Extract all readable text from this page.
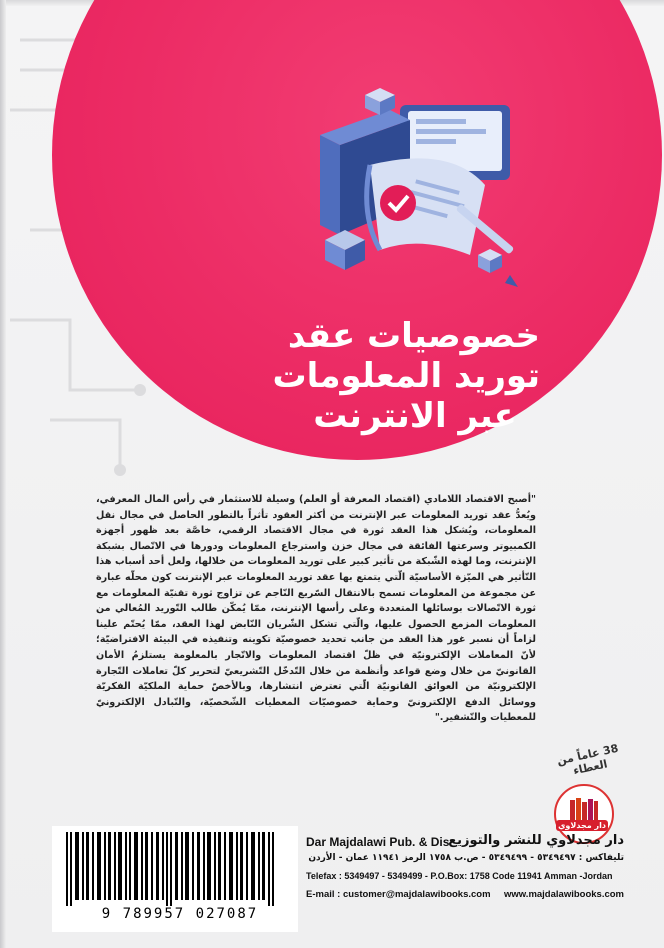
خصوصيات عقد
توريد المعلومات
عبر الانترنت
"أصبح الاقتصاد اللامادي (اقتصاد المعرفة أو العلم) وسيلة للاستثمار في رأس المال المعرفي، ويُعدُّ عقد توريد المعلومات عبر الإنترنت من أكثر العقود تأثراً بالتطور الحاصل في مجال نقل المعلومات، ويُشكل هذا العقد ثورة في مجال الاقتصاد الرقمي، خاصَّة بعد ظهور أجهزة الكمبيوتر وسرعتها الفائقة في مجال خزن واسترجاع المعلومات ودورها في الاتّصال بشبكة الإنترنت، وما لهذه الشّبكة من تأثير كبير على توريد المعلومات من خلالها، ولعل أحد أسباب هذا التّأثير هي الميّزة الأساسيّة الّتي يتمتع بها عقد توريد المعلومات عبر الإنترنت كون محلّه عبارة عن مجموعة من المعلومات تسمح بالانتقال السّريع النّاجم عن تزاوج ثورة تقنيّة المعلومات مع ثورة الاتّصالات بوسائلها المتعددة وعلى رأسها الإنترنت، ممّا يُمكّن طالب التّوريد المُعالي من المعلومات المزمع الحصول عليها، والّتي تشكل الشّريان النّابض لهذا العقد، ممّا يُحتّم علينا لزاماً أن نسبر غور هذا العقد من جانب تحديد خصوصيّة تكوينه وتنفيذه في البيئة الافتراضيّة؛ لأنّ المعاملات الإلكترونيّة في ظلّ اقتصاد المعلومات والاتّجار بالمعلومة يستلزمُ الأمان القانونيّ من خلال وضع قواعد وأنظمة من خلال التّدخّل التّشريعيّ لتحرير كلّ تعاملات التّجارة الإلكترونيّة من العوائق القانونيّة الّتي تعترض انتشارها، وبالأخصّ حماية الملكيّة الفكريّة ووسائل الدفع الإلكترونيّ وحماية خصوصيّات المعطيات الشّخصيّة، والتّبادل الإلكترونيّ للمعطيات والتّشفير."
38 عاماً من العطاء
دار مجدلاوي
9 789957 027087
Dar Majdalawi Pub. & Dis
دار مجدلاوي للنشر والتوزيع
تليفاكس : ٥٣٤٩٤٩٧ - ٥٣٤٩٤٩٩ - ص.ب ١٧٥٨ الرمز ١١٩٤١ عمان - الأردن
Telefax : 5349497 - 5349499 - P.O.Box: 1758 Code 11941 Amman -Jordan
E-mail : customer@majdalawibooks.com	www.majdalawibooks.com
